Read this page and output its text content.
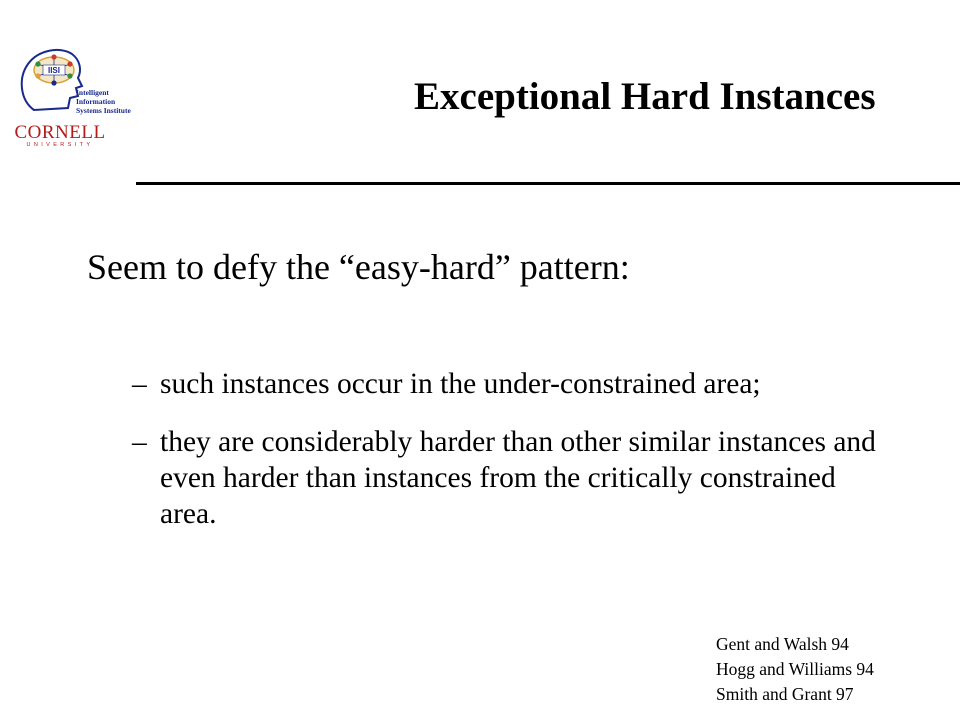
IISI
Intelligent Information
Systems Institute
CORNELL
UNIVERSITY
Exceptional Hard Instances
Seem to defy the “easy-hard” pattern:
– such instances occur in the under-constrained area;
– they are considerably harder than other similar instances and even harder than instances from the critically constrained area.
Gent and Walsh 94
Hogg and Williams 94
Smith and Grant 97
